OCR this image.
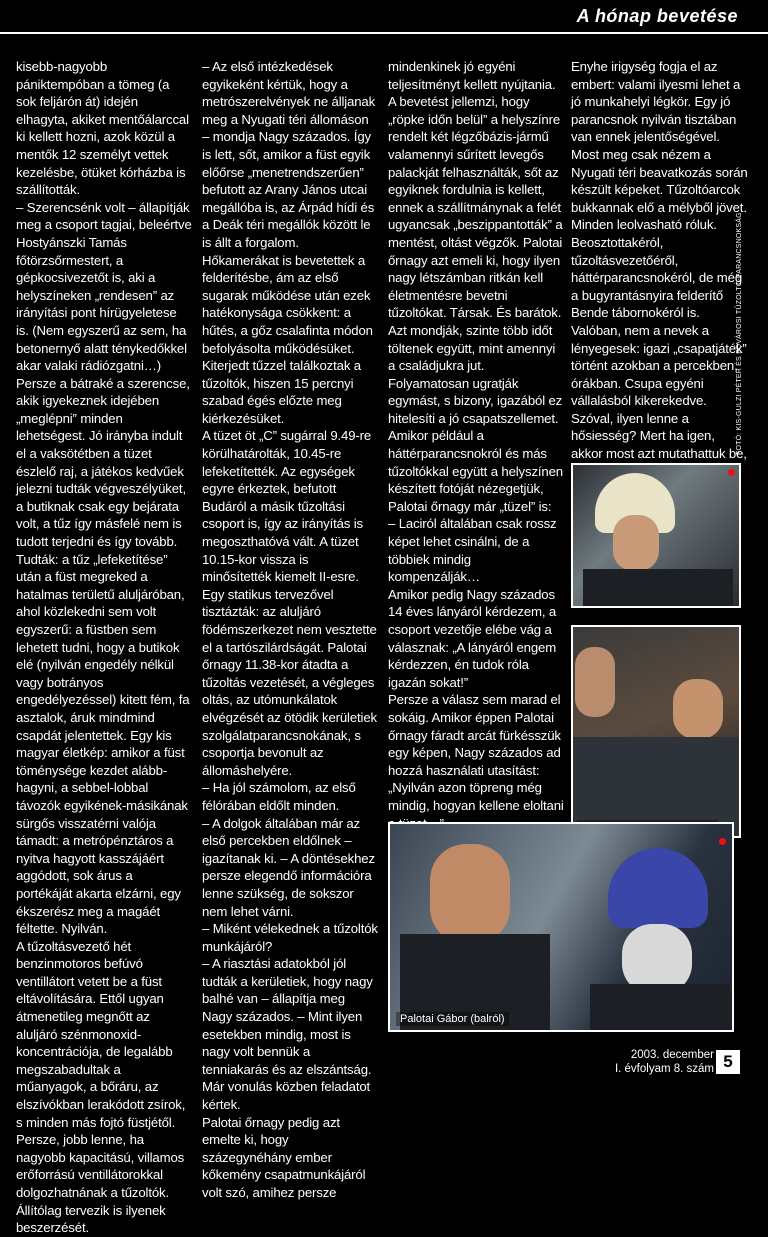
A hónap bevetése

kisebb-nagyobb pániktempóban a tömeg (a sok feljárón át) idején elhagyta, akiket mentőálarccal ki kellett hozni, azok közül a mentők 12 személyt vettek kezelésbe, ötüket kórházba is szállították.

– Szerencsénk volt – állapítják meg a csoport tagjai, beleértve Hostyánszki Tamás főtörzsőrmestert, a gépkocsivezetőt is, aki a helyszíneken „rendesen” az irányítási pont hírügyeletese is. (Nem egyszerű az sem, ha betonernyő alatt ténykedőkkel akar valaki rádiózgatni…) Persze a bátraké a szerencse, akik igyekeznek idejében „meglépni” minden lehetségest. Jó irányba indult el a vaksötétben a tüzet észlelő raj, a játékos kedvűek jelezni tudták végveszélyüket, a butiknak csak egy bejárata volt, a tűz így másfelé nem is tudott terjedni és így tovább. Tudták: a tűz „lefeketítése” után a füst megreked a hatalmas területű aluljáróban, ahol közlekedni sem volt egyszerű: a füstben sem lehetett tudni, hogy a butikok elé (nyilván engedély nélkül vagy botrányos engedélyezéssel) kitett fém, fa asztalok, áruk mindmind csapdát jelentettek. Egy kis magyar életkép: amikor a füst töménysége kezdet alább-hagyni, a sebbel-lobbal távozók egyikének-másikának sürgős visszatérni valója támadt: a metrópénztáros a nyitva hagyott kasszájáért aggódott, sok árus a portékáját akarta elzárni, egy ékszerész meg a magáét féltette. Nyilván.

A tűzoltásvezető hét benzinmotoros befúvó ventillátort vetett be a füst eltávolítására. Ettől ugyan átmenetileg megnőtt az aluljáró szénmonoxid-koncentrációja, de legalább megszabadultak a műanyagok, a bőráru, az elszívókban lerakódott zsírok, s minden más fojtó füstjétől. Persze, jobb lenne, ha nagyobb kapacitású, villamos erőforrású ventillátorokkal dolgozhatnának a tűzoltók. Állítólag tervezik is ilyenek beszerzését.

– Az első intézkedések egyikeként kértük, hogy a metrószerelvények ne álljanak meg a Nyugati téri állomáson – mondja Nagy százados. Így is lett, sőt, amikor a füst egyik előőrse „menetrendszerűen” befutott az Arany János utcai megállóba is, az Árpád hídi és a Deák téri megállók között le is állt a forgalom.

Hőkamerákat is bevetettek a felderítésbe, ám az első sugarak működése után ezek hatékonysága csökkent: a hűtés, a gőz csalafinta módon befolyásolta működésüket. Kiterjedt tűzzel találkoztak a tűzoltók, hiszen 15 percnyi szabad égés előzte meg kiérkezésüket.

A tüzet öt „C” sugárral 9.49-re körülhatárolták, 10.45-re lefeketítették. Az egységek egyre érkeztek, befutott Budáról a másik tűzoltási csoport is, így az irányítás is megoszthatóvá vált. A tüzet 10.15-kor vissza is minősítették kiemelt II-esre. Egy statikus tervezővel tisztázták: az aluljáró födémszerkezet nem vesztette el a tartószilárdságát. Palotai őrnagy 11.38-kor átadta a tűzoltás vezetését, a végleges oltás, az utómunkálatok elvégzését az ötödik kerületiek szolgálatparancsnokának, s csoportja bevonult az állomáshelyére.

– Ha jól számolom, az első félórában eldőlt minden.

– A dolgok általában már az első percekben eldőlnek – igazítanak ki. – A döntésekhez persze elegendő információra lenne szükség, de sokszor nem lehet várni.

– Miként vélekednek a tűzoltók munkájáról?

– A riasztási adatokból jól tudták a kerületiek, hogy nagy balhé van – állapítja meg Nagy százados. – Mint ilyen esetekben mindig, most is nagy volt bennük a tenniakarás és az elszántság. Már vonulás közben feladatot kértek.

Palotai őrnagy pedig azt emelte ki, hogy százegynéhány ember kőkemény csapatmunkájáról volt szó, amihez persze

mindenkinek jó egyéni teljesítményt kellett nyújtania.

A bevetést jellemzi, hogy „röpke időn belül” a helyszínre rendelt két légzőbázis-jármű valamennyi sűrített levegős palackját felhasználták, sőt az egyiknek fordulnia is kellett, ennek a szállítmánynak a felét ugyancsak „beszippantották” a mentést, oltást végzők. Palotai őrnagy azt emeli ki, hogy ilyen nagy létszámban ritkán kell életmentésre bevetni tűzoltókat. Társak. És barátok. Azt mondják, szinte több időt töltenek együtt, mint amennyi a családjukra jut. Folyamatosan ugratják egymást, s bizony, igazából ez hitelesíti a jó csapatszellemet. Amikor például a háttérparancsnokról és más tűzoltókkal együtt a helyszínen készített fotóját nézegetjük, Palotai őrnagy már „tüzel” is:

– Laciról általában csak rossz képet lehet csinálni, de a többiek mindig kompenzálják…

Amikor pedig Nagy százados 14 éves lányáról kérdezem, a csoport vezetője elébe vág a válasznak: „A lányáról engem kérdezzen, én tudok róla igazán sokat!”

Persze a válasz sem marad el sokáig. Amikor éppen Palotai őrnagy fáradt arcát fürkésszük egy képen, Nagy százados ad hozzá használati utasítást: „Nyilván azon töpreng még mindig, hogyan kellene eloltani

Enyhe irigység fogja el az embert: valami ilyesmi lehet a jó munkahelyi légkör. Egy jó parancsnok nyilván tisztában van ennek jelentőségével.

Most meg csak nézem a Nyugati téri beavatkozás során készült képeket. Tűzoltóarcok bukkannak elő a mélyből jövet. Minden leolvasható róluk. Beosztottakéról, tűzoltásvezetőéről, háttérparancsnokéról, de még a bugyrantásnyira felderítő Bende tábornokéról is. Valóban, nem a nevek a lényegesek: igazi „csapatjáték” történt azokban a percekben, órákban. Csupa egyéni vállalásból kikerekedve. Szóval, ilyen lenne a hősiesség? Mert ha igen, akkor most azt mutathattuk be,

Palotai Gábor (balról)
FOTÓ: KIS-GULZI PÉTER ÉS FŐVÁROSI TŰZOLTÓ-PARANCSNOKSÁG
2003. december
I. évfolyam 8. szám 5
